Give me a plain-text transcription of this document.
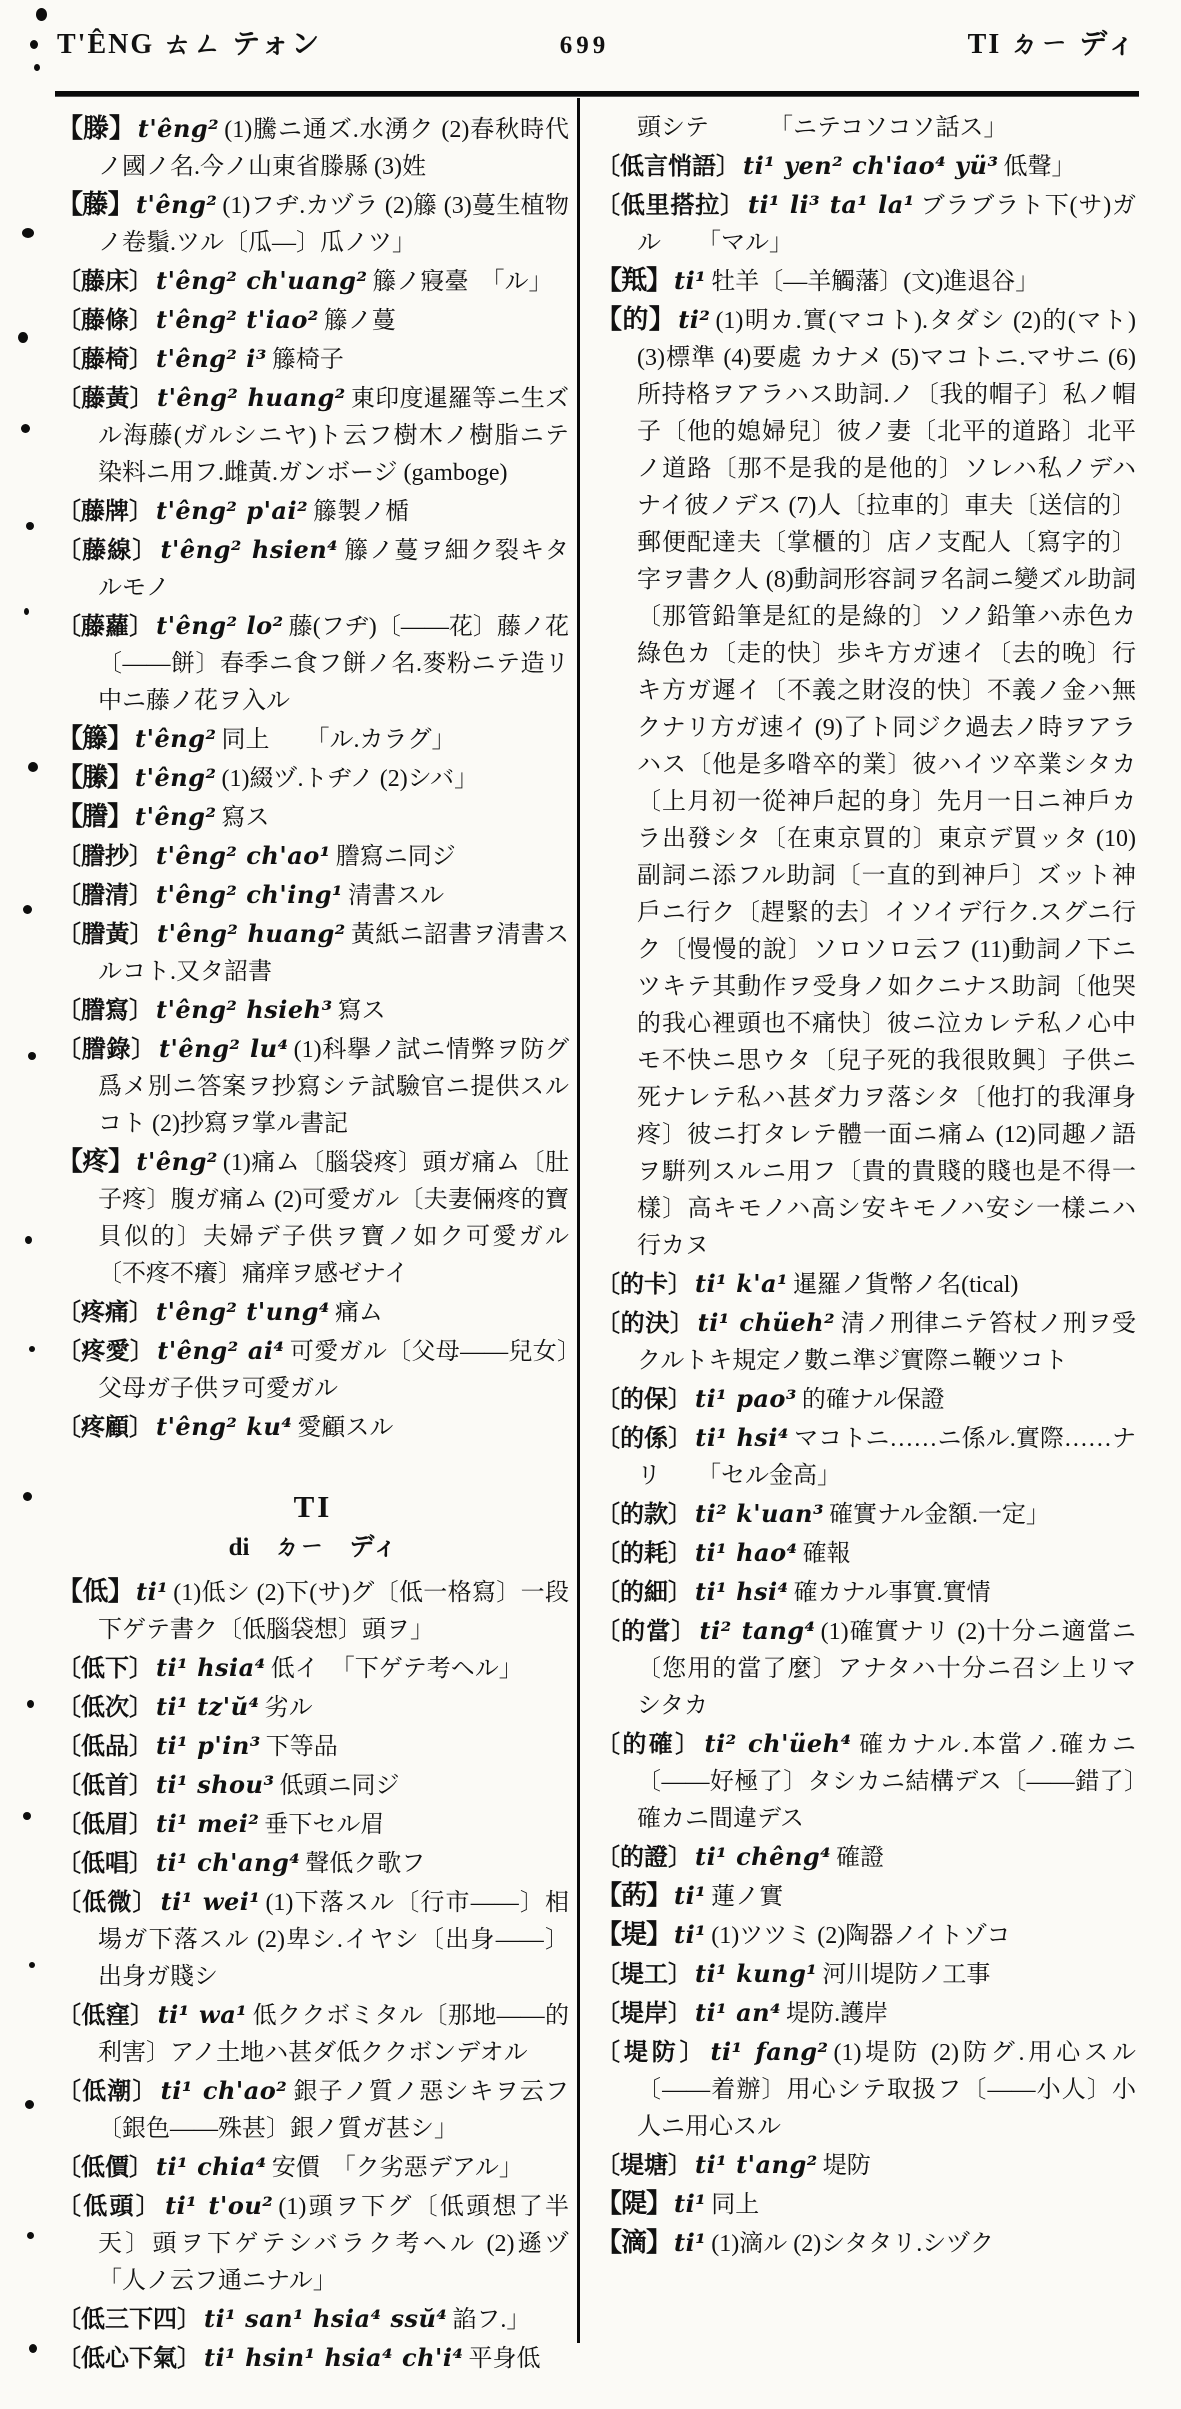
T'ÊNG ㄊㄥ テォン	699	TI ㄉㄧ ディ
【滕】 t'êng² (1)騰ニ通ズ.水湧ク (2)春秋時代ノ國ノ名.今ノ山東省滕縣 (3)姓
【藤】 t'êng² (1)フヂ.カヅラ (2)籐 (3)蔓生植物ノ卷鬚.ツル〔瓜—〕瓜ノツ」
〔藤床〕 t'êng² ch'uang² 籐ノ寢臺　「ル」
〔藤條〕 t'êng² t'iao² 籐ノ蔓
〔藤椅〕 t'êng² i³ 籐椅子
〔藤黃〕 t'êng² huang² 東印度暹羅等ニ生ズル海藤(ガルシニヤ)ト云フ樹木ノ樹脂ニテ染料ニ用フ.雌黃.ガンボージ (gamboge)
〔藤牌〕 t'êng² p'ai² 籐製ノ楯
〔藤線〕 t'êng² hsien⁴ 籐ノ蔓ヲ細ク裂キタルモノ
〔藤蘿〕 t'êng² lo² 藤(フヂ)〔——花〕藤ノ花〔——餅〕春季ニ食フ餅ノ名.麥粉ニテ造リ中ニ藤ノ花ヲ入ル
【籐】 t'êng² 同上　　「ル.カラグ」
【縢】 t'êng² (1)綴ヅ.トヂノ (2)シバ」
【謄】 t'êng² 寫ス
〔謄抄〕 t'êng² ch'ao¹ 謄寫ニ同ジ
〔謄清〕 t'êng² ch'ing¹ 清書スル
〔謄黃〕 t'êng² huang² 黃紙ニ詔書ヲ清書スルコト.又タ詔書
〔謄寫〕 t'êng² hsieh³ 寫ス
〔謄錄〕 t'êng² lu⁴ (1)科擧ノ試ニ情弊ヲ防グ爲メ別ニ答案ヲ抄寫シテ試驗官ニ提供スルコト (2)抄寫ヲ掌ル書記
【疼】 t'êng² (1)痛ム〔腦袋疼〕頭ガ痛ム〔肚子疼〕腹ガ痛ム (2)可愛ガル〔夫妻倆疼的寶貝似的〕夫婦デ子供ヲ寶ノ如ク可愛ガル〔不疼不癢〕痛痒ヲ感ゼナイ
〔疼痛〕 t'êng² t'ung⁴ 痛ム
〔疼愛〕 t'êng² ai⁴ 可愛ガル〔父母——兒女〕父母ガ子供ヲ可愛ガル
〔疼顧〕 t'êng² ku⁴ 愛顧スル
TI
di　ㄉㄧ　ディ
【低】 ti¹ (1)低シ (2)下(サ)グ〔低一格寫〕一段下ゲテ書ク〔低腦袋想〕頭ヲ」
〔低下〕 ti¹ hsia⁴ 低イ　「下ゲテ考ヘル」
〔低次〕 ti¹ tz'ŭ⁴ 劣ル
〔低品〕 ti¹ p'in³ 下等品
〔低首〕 ti¹ shou³ 低頭ニ同ジ
〔低眉〕 ti¹ mei² 垂下セル眉
〔低唱〕 ti¹ ch'ang⁴ 聲低ク歌フ
〔低微〕 ti¹ wei¹ (1)下落スル〔行市——〕相場ガ下落スル (2)卑シ.イヤシ〔出身——〕出身ガ賤シ
〔低窪〕 ti¹ wa¹ 低ククボミタル〔那地——的利害〕アノ土地ハ甚ダ低ククボンデオル
〔低潮〕 ti¹ ch'ao² 銀子ノ質ノ惡シキヲ云フ〔銀色——殊甚〕銀ノ質ガ甚シ」
〔低價〕 ti¹ chia⁴ 安價　「ク劣惡デアル」
〔低頭〕 ti¹ t'ou² (1)頭ヲ下グ〔低頭想了半天〕頭ヲ下ゲテシバラク考ヘル (2)遜ヅ　「人ノ云フ通ニナル」
〔低三下四〕 ti¹ san¹ hsia⁴ ssŭ⁴ 諂フ.」
〔低心下氣〕 ti¹ hsin¹ hsia⁴ ch'i⁴ 平身低
頭シテ　　　「ニテコソコソ話ス」
〔低言悄語〕 ti¹ yen² ch'iao⁴ yü³ 低聲」
〔低里搭拉〕 ti¹ li³ ta¹ la¹ ブラブラト下(サ)ガル　　「マル」
【羝】 ti¹ 牡羊〔—羊觸藩〕(文)進退谷」
【的】 ti² (1)明カ.實(マコト).タダシ (2)的(マト) (3)標準 (4)要處 カナメ (5)マコトニ.マサニ (6)所持格ヲアラハス助詞.ノ〔我的帽子〕私ノ帽子〔他的媳婦兒〕彼ノ妻〔北平的道路〕北平ノ道路〔那不是我的是他的〕ソレハ私ノデハナイ彼ノデス (7)人〔拉車的〕車夫〔送信的〕郵便配達夫〔掌櫃的〕店ノ支配人〔寫字的〕字ヲ書ク人 (8)動詞形容詞ヲ名詞ニ變ズル助詞〔那管鉛筆是紅的是綠的〕ソノ鉛筆ハ赤色カ綠色カ〔走的快〕歩キ方ガ速イ〔去的晚〕行キ方ガ遲イ〔不義之財沒的快〕不義ノ金ハ無クナリ方ガ速イ (9)了ト同ジク過去ノ時ヲアラハス〔他是多喒卒的業〕彼ハイツ卒業シタカ〔上月初一從神戶起的身〕先月一日ニ神戶カラ出發シタ〔在東京買的〕東京デ買ッタ (10)副詞ニ添フル助詞〔一直的到神戶〕ズット神戶ニ行ク〔趕緊的去〕イソイデ行ク.スグニ行ク〔慢慢的說〕ソロソロ云フ (11)動詞ノ下ニツキテ其動作ヲ受身ノ如クニナス助詞〔他哭的我心裡頭也不痛快〕彼ニ泣カレテ私ノ心中モ不快ニ思ウタ〔兒子死的我很敗興〕子供ニ死ナレテ私ハ甚ダ力ヲ落シタ〔他打的我渾身疼〕彼ニ打タレテ體一面ニ痛ム (12)同趣ノ語ヲ騈列スルニ用フ〔貴的貴賤的賤也是不得一樣〕高キモノハ高シ安キモノハ安シ一樣ニハ行カヌ
〔的卡〕 ti¹ k'a¹ 暹羅ノ貨幣ノ名(tical)
〔的決〕 ti¹ chüeh² 清ノ刑律ニテ笞杖ノ刑ヲ受クルトキ規定ノ數ニ準ジ實際ニ鞭ツコト
〔的保〕 ti¹ pao³ 的確ナル保證
〔的係〕 ti¹ hsi⁴ マコトニ……ニ係ル.實際……ナリ　　「セル金高」
〔的款〕 ti² k'uan³ 確實ナル金額.一定」
〔的耗〕 ti¹ hao⁴ 確報
〔的細〕 ti¹ hsi⁴ 確カナル事實.實情
〔的當〕 ti² tang⁴ (1)確實ナリ (2)十分ニ適當ニ〔您用的當了麼〕アナタハ十分ニ召シ上リマシタカ
〔的確〕 ti² ch'üeh⁴ 確カナル.本當ノ.確カニ〔——好極了〕タシカニ結構デス〔——錯了〕確カニ間違デス
〔的證〕 ti¹ chêng⁴ 確證
【菂】 ti¹ 蓮ノ實
【堤】 ti¹ (1)ツツミ (2)陶器ノイトゾコ
〔堤工〕 ti¹ kung¹ 河川堤防ノ工事
〔堤岸〕 ti¹ an⁴ 堤防.護岸
〔堤防〕 ti¹ fang² (1)堤防 (2)防グ.用心スル〔——着辦〕用心シテ取扱フ〔——小人〕小人ニ用心スル
〔堤塘〕 ti¹ t'ang² 堤防
【隄】 ti¹ 同上
【滴】 ti¹ (1)滴ル (2)シタタリ.シヅク
